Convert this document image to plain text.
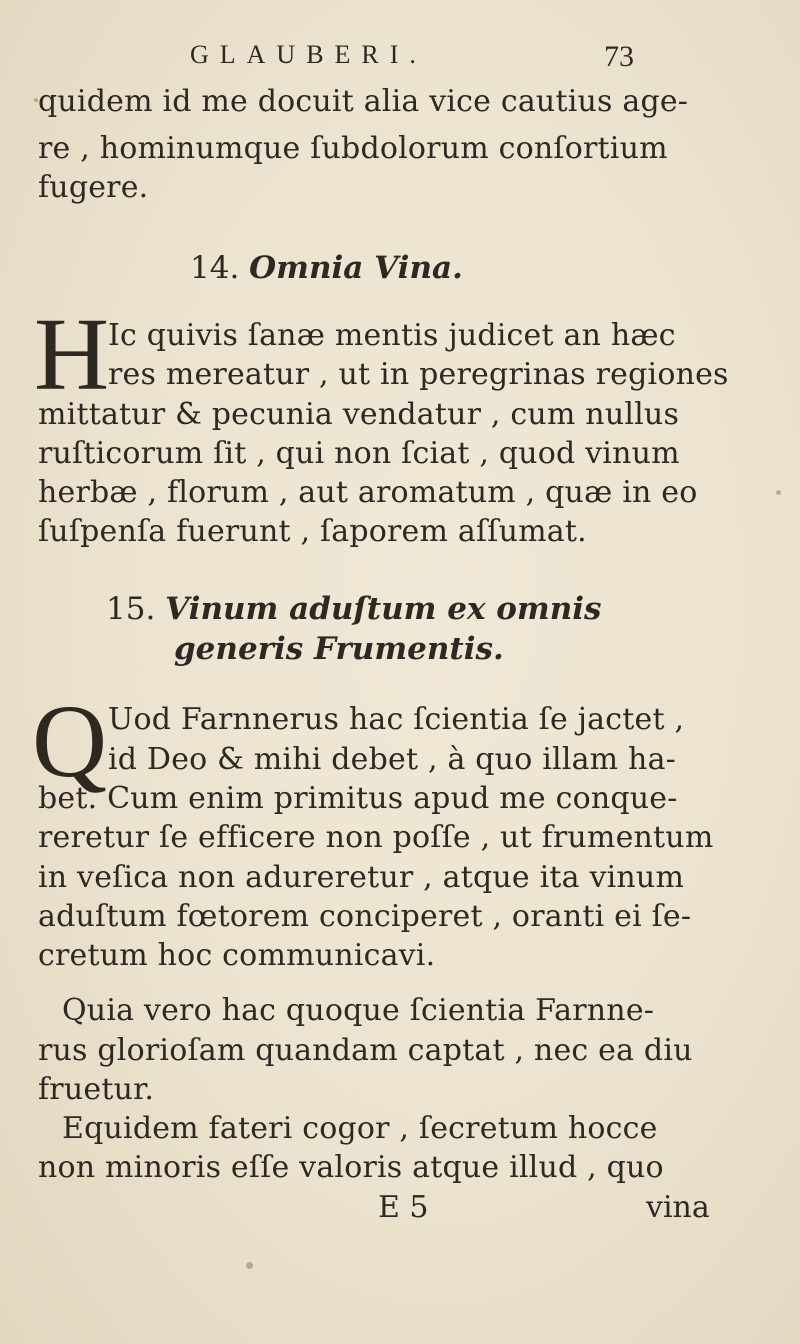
GLAUBERI.	73
quidem id me docuit alia vice cautius age-
re , hominumque ſubdolorum conſortium
fugere.
14. Omnia Vina.
H
Ic quivis ſanæ mentis judicet an hæc
res mereatur , ut in peregrinas regiones
mittatur & pecunia vendatur , cum nullus
ruſticorum ſit , qui non ſciat , quod vinum
herbæ , florum , aut aromatum , quæ in eo
ſuſpenſa fuerunt , ſaporem aſſumat.
15. Vinum aduſtum ex omnis
generis Frumentis.
Q Uod Farnnerus hac ſcientia ſe jactet ,
id Deo & mihi debet , à quo illam ha-
bet. Cum enim primitus apud me conque-
reretur ſe efficere non poſſe , ut frumentum
in veſica non adureretur , atque ita vinum
aduſtum fœtorem conciperet , oranti ei ſe-
cretum hoc communicavi.
Quia vero hac quoque ſcientia Farnne-
rus glorioſam quandam captat , nec ea diu
fruetur.
Equidem fateri cogor , ſecretum hocce
non minoris eſſe valoris atque illud , quo
E 5	vina
